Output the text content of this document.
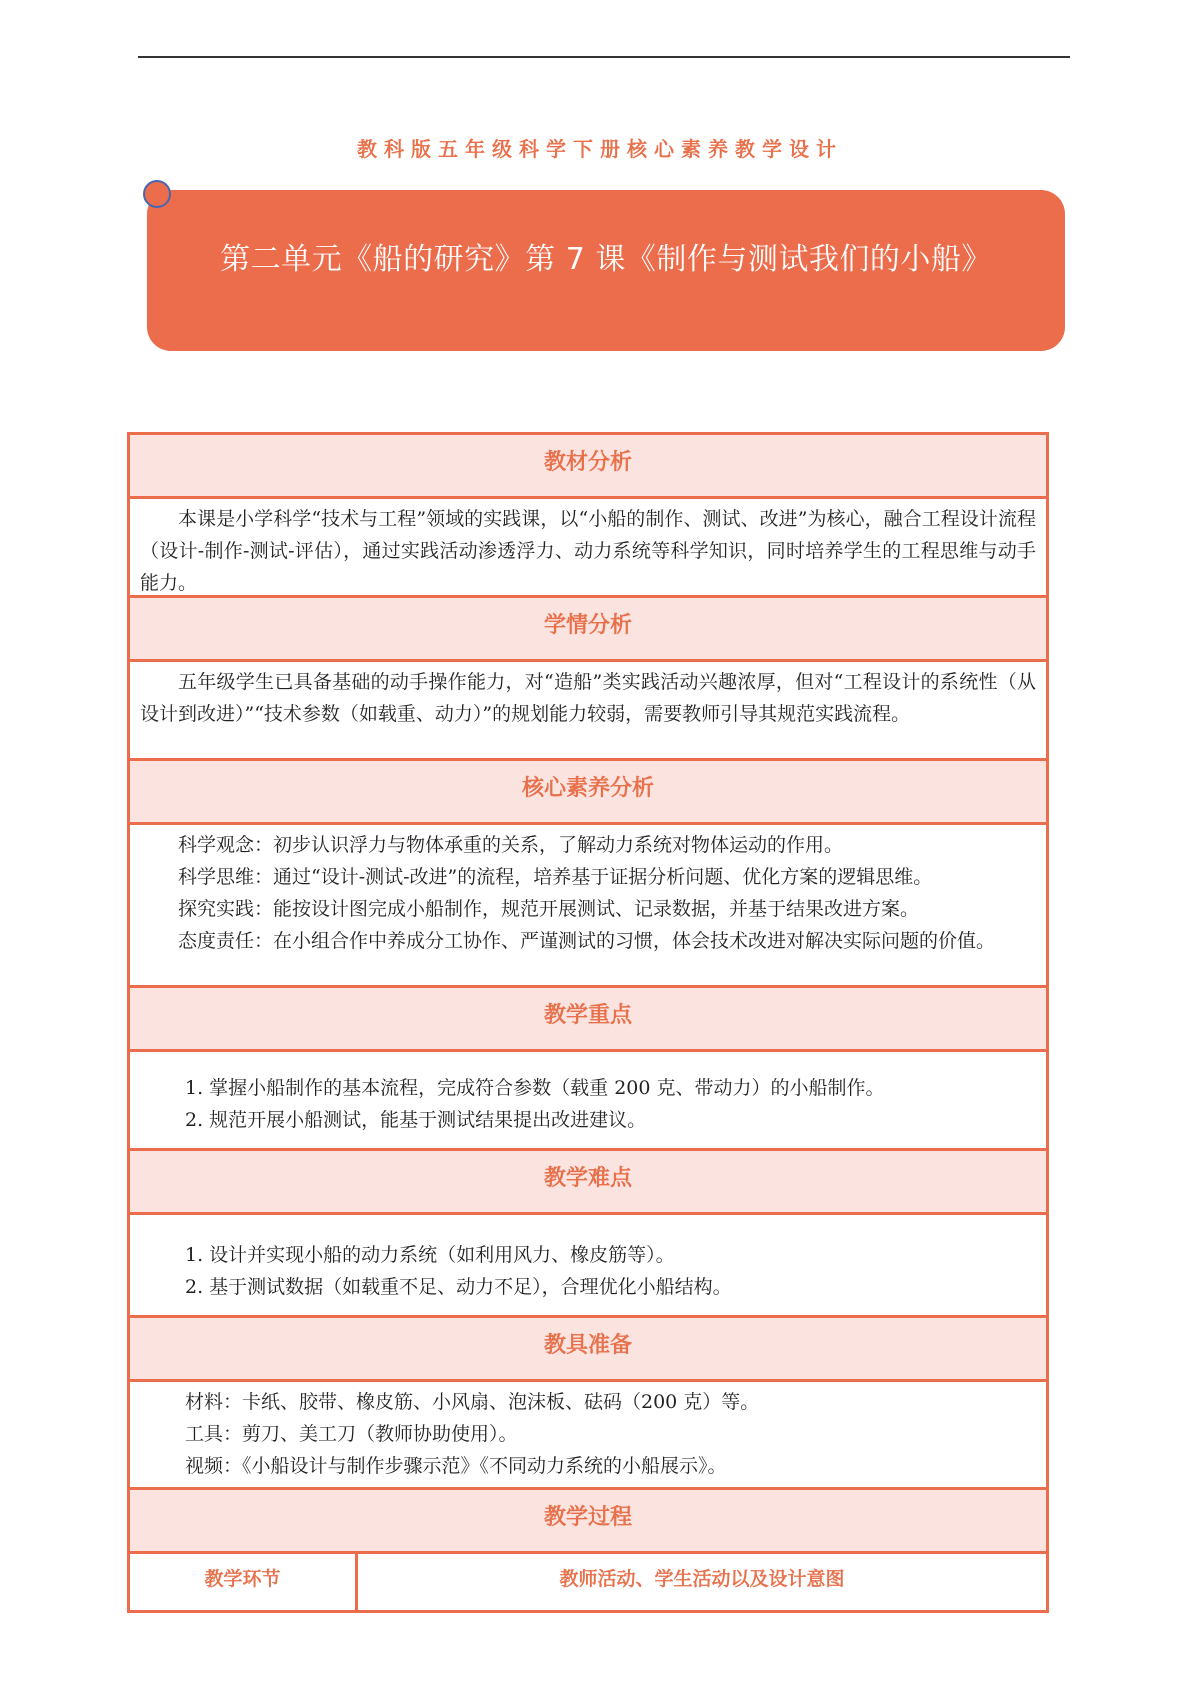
教科版五年级科学下册核心素养教学设计
第二单元《船的研究》第 7 课《制作与测试我们的小船》
教材分析

本课是小学科学“技术与工程”领域的实践课，以“小船的制作、测试、改进”为核心，融合工程设计流程（设计-制作-测试-评估），通过实践活动渗透浮力、动力系统等科学知识，同时培养学生的工程思维与动手能力。

学情分析

五年级学生已具备基础的动手操作能力，对“造船”类实践活动兴趣浓厚，但对“工程设计的系统性（从设计到改进）”“技术参数（如载重、动力）”的规划能力较弱，需要教师引导其规范实践流程。

核心素养分析

科学观念：初步认识浮力与物体承重的关系，了解动力系统对物体运动的作用。

科学思维：通过“设计-测试-改进”的流程，培养基于证据分析问题、优化方案的逻辑思维。

探究实践：能按设计图完成小船制作，规范开展测试、记录数据，并基于结果改进方案。

态度责任：在小组合作中养成分工协作、严谨测试的习惯，体会技术改进对解决实际问题的价值。

教学重点

1. 掌握小船制作的基本流程，完成符合参数（载重 200 克、带动力）的小船制作。

2. 规范开展小船测试，能基于测试结果提出改进建议。

教学难点

1. 设计并实现小船的动力系统（如利用风力、橡皮筋等）。

2. 基于测试数据（如载重不足、动力不足），合理优化小船结构。

教具准备

材料：卡纸、胶带、橡皮筋、小风扇、泡沫板、砝码（200 克）等。

工具：剪刀、美工刀（教师协助使用）。

视频：《小船设计与制作步骤示范》《不同动力系统的小船展示》。

教学过程
教学环节	教师活动、学生活动以及设计意图
